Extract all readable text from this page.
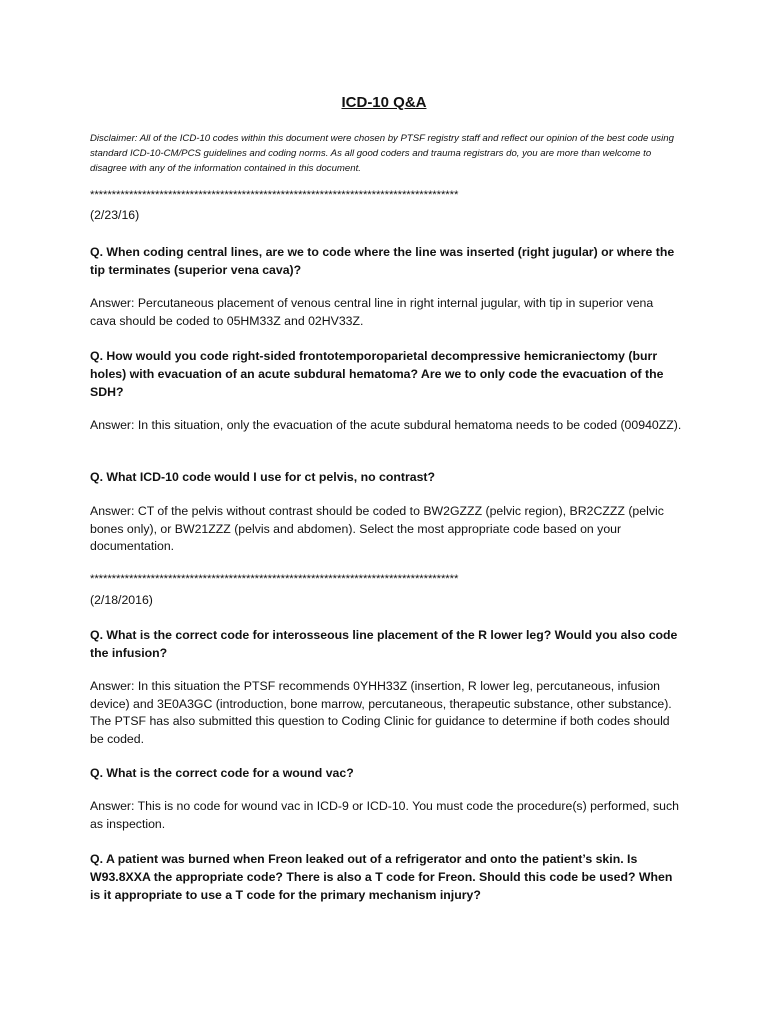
ICD-10 Q&A
Disclaimer: All of the ICD-10 codes within this document were chosen by PTSF registry staff and reflect our opinion of the best code using standard ICD-10-CM/PCS guidelines and coding norms. As all good coders and trauma registrars do, you are more than welcome to disagree with any of the information contained in this document.
*************************************************************************************
(2/23/16)
Q. When coding central lines, are we to code where the line was inserted (right jugular) or where the tip terminates (superior vena cava)?
Answer: Percutaneous placement of venous central line in right internal jugular, with tip in superior vena cava should be coded to 05HM33Z and 02HV33Z.
Q. How would you code right-sided frontotemporoparietal decompressive hemicraniectomy (burr holes) with evacuation of an acute subdural hematoma? Are we to only code the evacuation of the SDH?
Answer: In this situation, only the evacuation of the acute subdural hematoma needs to be coded (00940ZZ).
Q. What ICD-10 code would I use for ct pelvis, no contrast?
Answer: CT of the pelvis without contrast should be coded to BW2GZZZ (pelvic region), BR2CZZZ (pelvic bones only), or BW21ZZZ (pelvis and abdomen). Select the most appropriate code based on your documentation.
*************************************************************************************
(2/18/2016)
Q. What is the correct code for interosseous line placement of the R lower leg? Would you also code the infusion?
Answer: In this situation the PTSF recommends 0YHH33Z (insertion, R lower leg, percutaneous, infusion device) and 3E0A3GC (introduction, bone marrow, percutaneous, therapeutic substance, other substance). The PTSF has also submitted this question to Coding Clinic for guidance to determine if both codes should be coded.
Q. What is the correct code for a wound vac?
Answer: This is no code for wound vac in ICD-9 or ICD-10. You must code the procedure(s) performed, such as inspection.
Q. A patient was burned when Freon leaked out of a refrigerator and onto the patient’s skin. Is W93.8XXA the appropriate code? There is also a T code for Freon. Should this code be used? When is it appropriate to use a T code for the primary mechanism injury?
